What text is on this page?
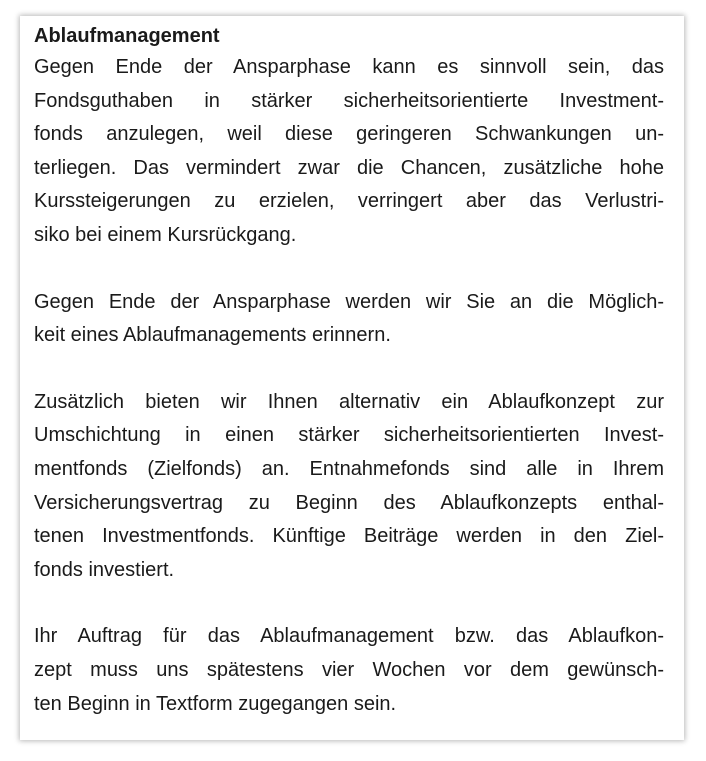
Ablaufmanagement
Gegen Ende der Ansparphase kann es sinnvoll sein, das
Fondsguthaben in stärker sicherheitsorientierte Investment-
fonds anzulegen, weil diese geringeren Schwankungen un-
terliegen. Das vermindert zwar die Chancen, zusätzliche hohe
Kurssteigerungen zu erzielen, verringert aber das Verlustri-
siko bei einem Kursrückgang.
Gegen Ende der Ansparphase werden wir Sie an die Möglich-
keit eines Ablaufmanagements erinnern.
Zusätzlich bieten wir Ihnen alternativ ein Ablaufkonzept zur
Umschichtung in einen stärker sicherheitsorientierten Invest-
mentfonds (Zielfonds) an. Entnahmefonds sind alle in Ihrem
Versicherungsvertrag zu Beginn des Ablaufkonzepts enthal-
tenen Investmentfonds. Künftige Beiträge werden in den Ziel-
fonds investiert.
Ihr Auftrag für das Ablaufmanagement bzw. das Ablaufkon-
zept muss uns spätestens vier Wochen vor dem gewünsch-
ten Beginn in Textform zugegangen sein.
